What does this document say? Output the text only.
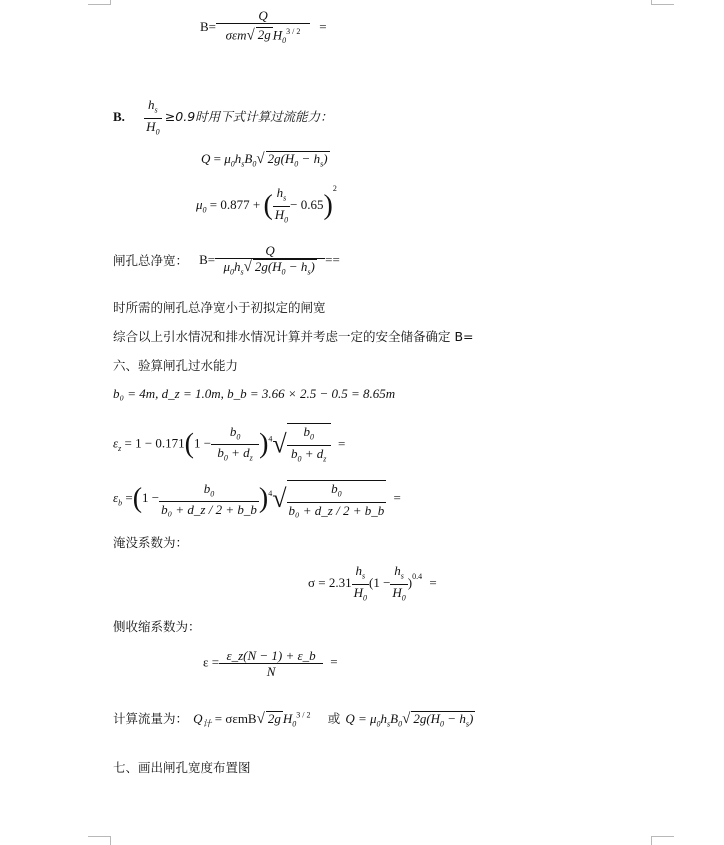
$B= \frac{Q}{\sigma\varepsilon m√ 2g H_0^{3 / 2}}$ =
B. $\frac{h_s}{H_0} \ge 0.9$时用下式计算过流能力：
$Q = \mu_0h_sB_0√$ $2g(H_0 - h_s)$
$\mu_0 = 0.877$ + ( $\frac{h_s}{H_0} - 0.65)^2$
闸孔总净宽： $B= \frac{Q}{\mu_0h_s√ 2g(H_0 - h_s)}$ ==
时所需的闸孔总净宽小于初拟定的闸宽
综合以上引水情况和排水情况计算并考虑一定的安全储备确定 B=
六、验算闸孔过水能力
b₀ = 4m, d_z = 1.0m, b_b = 3.66 × 2.5 − 0.5 = 8.65m
$\varepsilon_z = 1 - 0.171(1 - \frac{b_0}{b_0 + d_z} )^4√ \frac{b_0}{b_0 + d_z}$ =
$\varepsilon_b =(1 - \frac{b_0}{\text{b₀ + d\_z / 2 + b\_b}} )^4√ \frac{b_0}{\text{b₀ + d\_z / 2 + b\_b}}$ =
淹没系数为：
$\sigma = 2.31 \frac{h_s}{H_0} (1 - \frac{h_s}{H_0} )^{0.4}$ =
侧收缩系数为：
$\varepsilon = \frac{\varepsilon\_z(N - 1) + \varepsilon\_b}{N}$ =
计算流量为： $Q_计 = \sigma\varepsilon mB√$ 2g $H_0^{3 / 2}$ 或 $Q = \mu_0h_sB_0√$ $2g(H_0 - h_s)$
七、画出闸孔宽度布置图
